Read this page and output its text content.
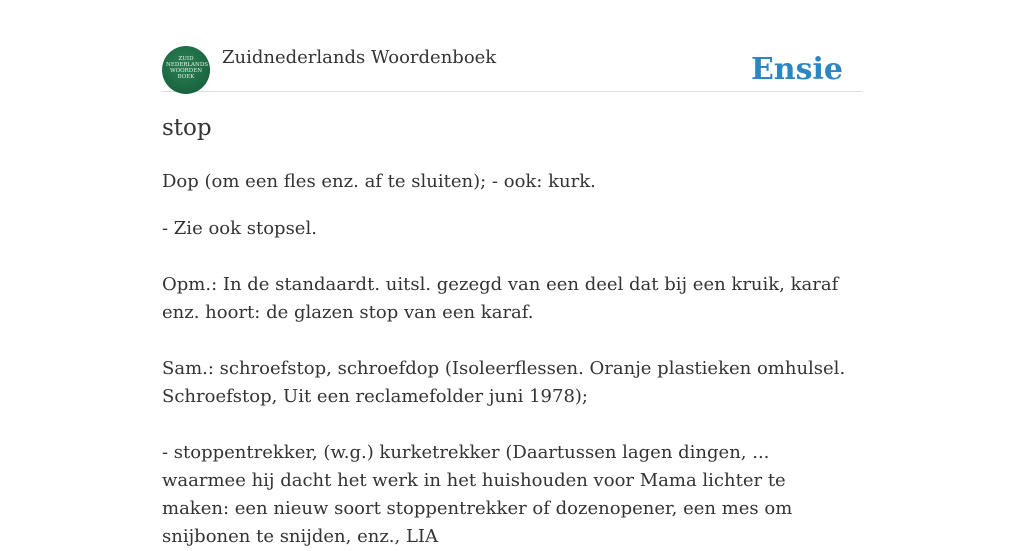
ZUID
NEDERLANDS
WOORDEN
BOEK
Zuidnederlands Woordenboek	Ensie
stop

Dop (om een fles enz. af te sluiten); - ook: kurk.

- Zie ook stopsel.

Opm.: In de standaardt. uitsl. gezegd van een deel dat bij een kruik, karaf enz. hoort: de glazen stop van een karaf.

Sam.: schroefstop, schroefdop (Isoleerflessen. Oranje plastieken omhulsel. Schroefstop, Uit een reclamefolder juni 1978);

- stoppentrekker, (w.g.) kurketrekker (Daartussen lagen dingen, ... waarmee hij dacht het werk in het huishouden voor Mama lichter te maken: een nieuw soort stoppentrekker of dozenopener, een mes om snijbonen te snijden, enz., LIA
